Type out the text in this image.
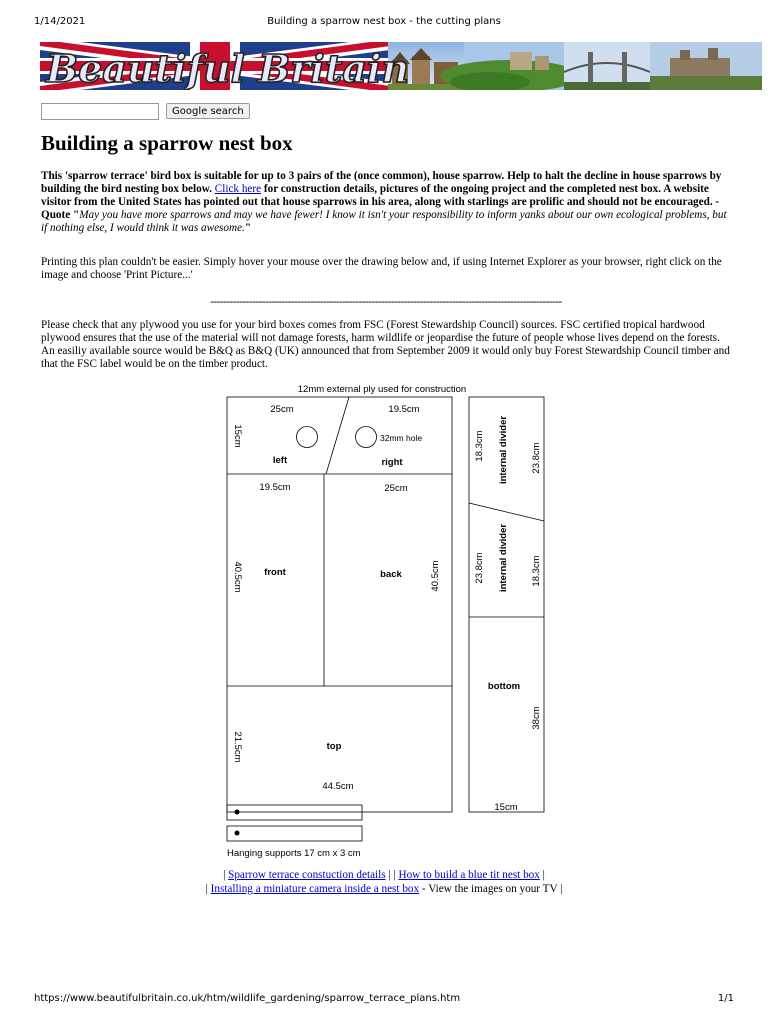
1/14/2021	Building a sparrow nest box - the cutting plans
Beautiful Britain
Google search
Building a sparrow nest box
This 'sparrow terrace' bird box is suitable for up to 3 pairs of the (once common), house sparrow. Help to halt the decline in house sparrows by building the bird nesting box below. Click here for construction details, pictures of the ongoing project and the completed nest box. A website visitor from the United States has pointed out that house sparrows in his area, along with starlings are prolific and should not be encouraged. - Quote "May you have more sparrows and may we have fewer! I know it isn't your responsibility to inform yanks about our own ecological problems, but if nothing else, I would think it was awesome."
Printing this plan couldn't be easier. Simply hover your mouse over the drawing below and, if using Internet Explorer as your browser, right click on the image and choose 'Print Picture...'
-------------------------------------------------------------------------------------------------------------
Please check that any plywood you use for your bird boxes comes from FSC (Forest Stewardship Council) sources. FSC certified tropical hardwood plywood ensures that the use of the material will not damage forests, harm wildlife or jeopardise the future of people whose lives depend on the forests. An easiliy available source would be B&Q as B&Q (UK) announced that from September 2009 it would only buy Forest Stewardship Council timber and that the FSC label would be on the timber product.
12mm external ply used for construction
25cm	19.5cm
15cm	32mm hole
left	right
19.5cm	25cm
40.5cm front	back	40.5cm
21.5cm	top
44.5cm
18.3cm internal divider 23.8cm
23.8cm internal divider 18.3cm
bottom
38cm
15cm
Hanging supports 17 cm x 3 cm
| Sparrow terrace constuction details | | How to build a blue tit nest box |
| Installing a miniature camera inside a nest box - View the images on your TV |
https://www.beautifulbritain.co.uk/htm/wildlife_gardening/sparrow_terrace_plans.htm	1/1
